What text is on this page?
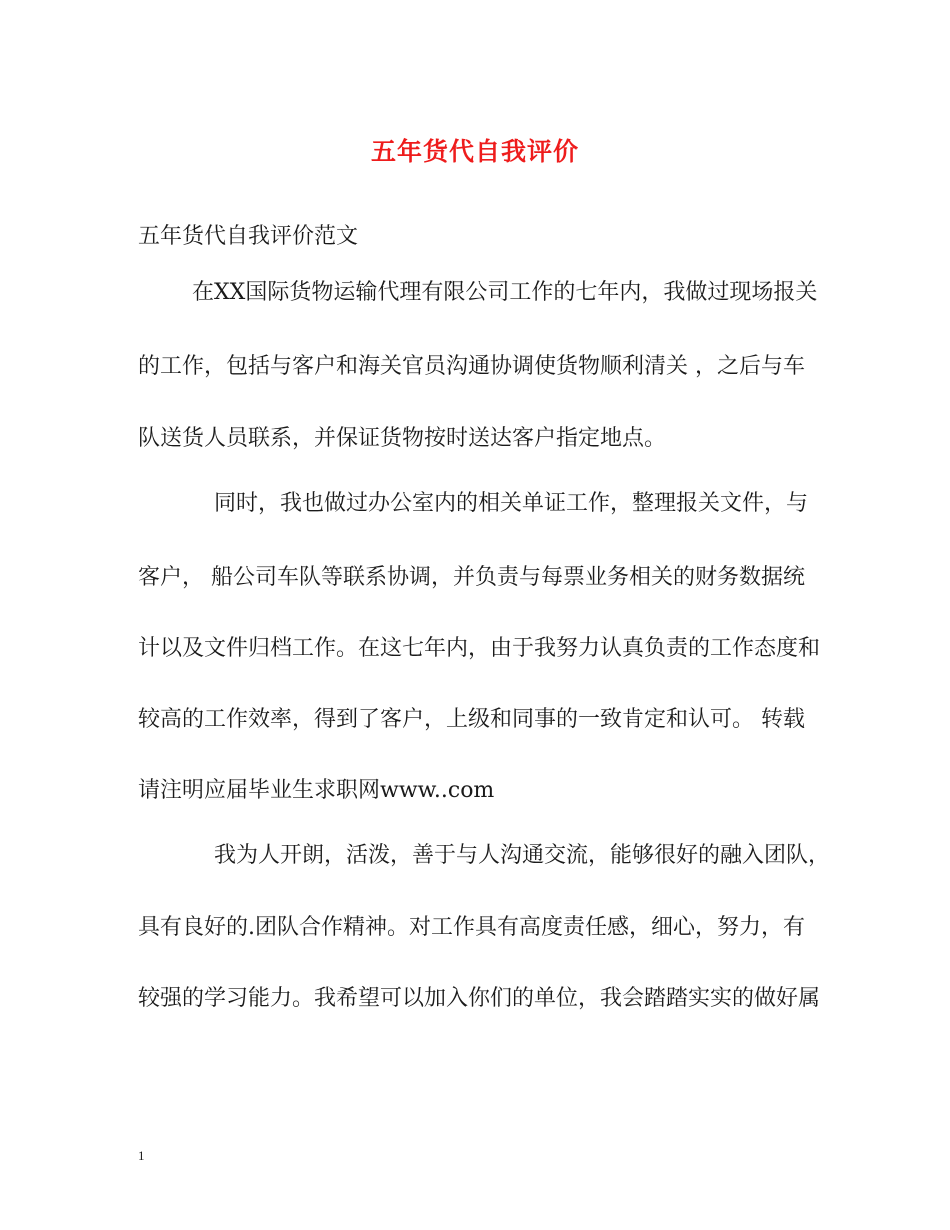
五年货代自我评价
五年货代自我评价范文
在XX国际货物运输代理有限公司工作的七年内，我做过现场报关
的工作，包括与客户和海关官员沟通协调使货物顺利清关 ，之后与车
队送货人员联系，并保证货物按时送达客户指定地点。
同时，我也做过办公室内的相关单证工作，整理报关文件，与
客户， 船公司车队等联系协调，并负责与每票业务相关的财务数据统
计以及文件归档工作。在这七年内，由于我努力认真负责的工作态度和
较高的工作效率，得到了客户，上级和同事的一致肯定和认可。 转载
请注明应届毕业生求职网www..com
我为人开朗，活泼，善于与人沟通交流，能够很好的融入团队，
具有良好的.团队合作精神。对工作具有高度责任感，细心，努力，有
较强的学习能力。我希望可以加入你们的单位，我会踏踏实实的做好属
1
